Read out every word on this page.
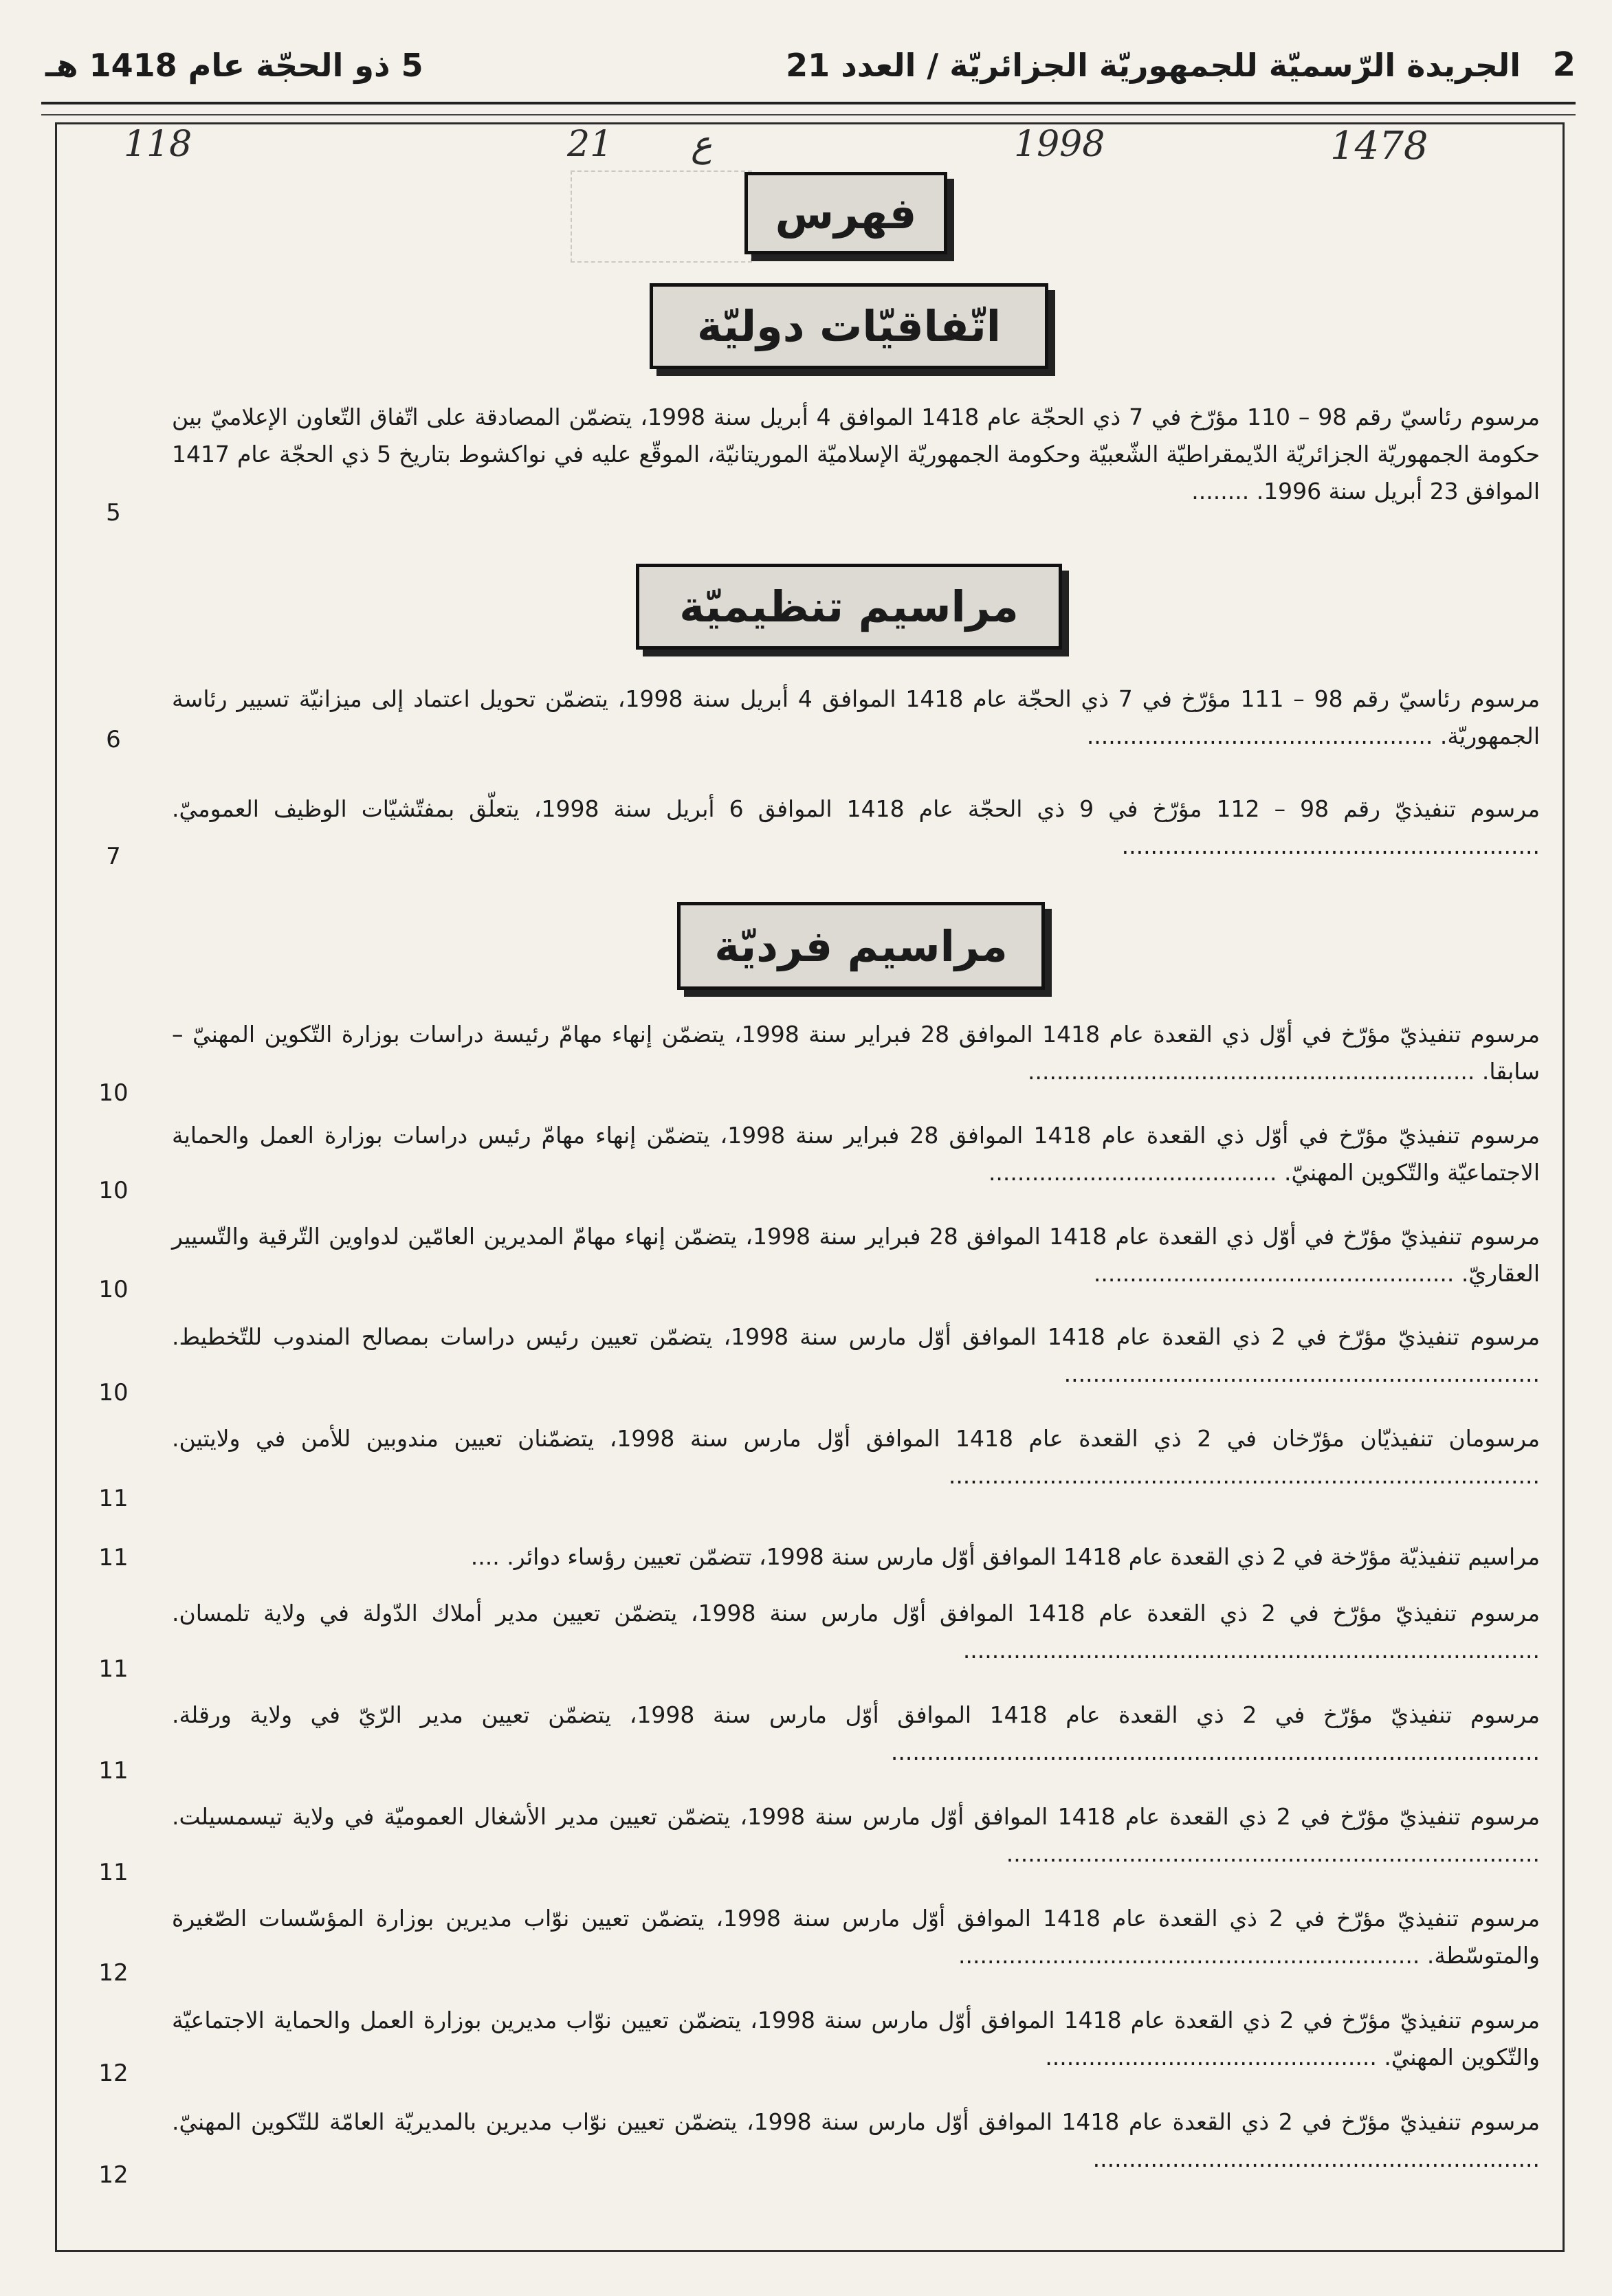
2
الجريدة الرّسميّة للجمهوريّة الجزائريّة / العدد 21
5 ذو الحجّة عام 1418 هـ
1478
1998
ع
21
118
فهرس
اتّفاقيّات دوليّة
مرسوم رئاسيّ رقم 98 – 110 مؤرّخ في 7 ذي الحجّة عام 1418 الموافق 4 أبريل سنة 1998، يتضمّن المصادقة على اتّفاق التّعاون الإعلاميّ بين حكومة الجمهوريّة الجزائريّة الدّيمقراطيّة الشّعبيّة وحكومة الجمهوريّة الإسلاميّة الموريتانيّة، الموقّع عليه في نواكشوط بتاريخ 5 ذي الحجّة عام 1417 الموافق 23 أبريل سنة 1996. ........
5
مراسيم تنظيميّة
مرسوم رئاسيّ رقم 98 – 111 مؤرّخ في 7 ذي الحجّة عام 1418 الموافق 4 أبريل سنة 1998، يتضمّن تحويل اعتماد إلى ميزانيّة تسيير رئاسة الجمهوريّة. ................................................
6
مرسوم تنفيذيّ رقم 98 – 112 مؤرّخ في 9 ذي الحجّة عام 1418 الموافق 6 أبريل سنة 1998، يتعلّق بمفتّشيّات الوظيف العموميّ. ..........................................................
7
مراسيم فرديّة
مرسوم تنفيذيّ مؤرّخ في أوّل ذي القعدة عام 1418 الموافق 28 فبراير سنة 1998، يتضمّن إنهاء مهامّ رئيسة دراسات بوزارة التّكوين المهنيّ – سابقا. ..............................................................
10
مرسوم تنفيذيّ مؤرّخ في أوّل ذي القعدة عام 1418 الموافق 28 فبراير سنة 1998، يتضمّن إنهاء مهامّ رئيس دراسات بوزارة العمل والحماية الاجتماعيّة والتّكوين المهنيّ. ........................................
10
مرسوم تنفيذيّ مؤرّخ في أوّل ذي القعدة عام 1418 الموافق 28 فبراير سنة 1998، يتضمّن إنهاء مهامّ المديرين العامّين لدواوين التّرقية والتّسيير العقاريّ. ..................................................
10
مرسوم تنفيذيّ مؤرّخ في 2 ذي القعدة عام 1418 الموافق أوّل مارس سنة 1998، يتضمّن تعيين رئيس دراسات بمصالح المندوب للتّخطيط. ..................................................................
10
مرسومان تنفيذيّان مؤرّخان في 2 ذي القعدة عام 1418 الموافق أوّل مارس سنة 1998، يتضمّنان تعيين مندوبين للأمن في ولايتين. ..................................................................................
11
مراسيم تنفيذيّة مؤرّخة في 2 ذي القعدة عام 1418 الموافق أوّل مارس سنة 1998، تتضمّن تعيين رؤساء دوائر. ....
11
مرسوم تنفيذيّ مؤرّخ في 2 ذي القعدة عام 1418 الموافق أوّل مارس سنة 1998، يتضمّن تعيين مدير أملاك الدّولة في ولاية تلمسان. ................................................................................
11
مرسوم تنفيذيّ مؤرّخ في 2 ذي القعدة عام 1418 الموافق أوّل مارس سنة 1998، يتضمّن تعيين مدير الرّيّ في ولاية ورقلة. ..........................................................................................
11
مرسوم تنفيذيّ مؤرّخ في 2 ذي القعدة عام 1418 الموافق أوّل مارس سنة 1998، يتضمّن تعيين مدير الأشغال العموميّة في ولاية تيسمسيلت. ..........................................................................
11
مرسوم تنفيذيّ مؤرّخ في 2 ذي القعدة عام 1418 الموافق أوّل مارس سنة 1998، يتضمّن تعيين نوّاب مديرين بوزارة المؤسّسات الصّغيرة والمتوسّطة. ................................................................
12
مرسوم تنفيذيّ مؤرّخ في 2 ذي القعدة عام 1418 الموافق أوّل مارس سنة 1998، يتضمّن تعيين نوّاب مديرين بوزارة العمل والحماية الاجتماعيّة والتّكوين المهنيّ. ..............................................
12
مرسوم تنفيذيّ مؤرّخ في 2 ذي القعدة عام 1418 الموافق أوّل مارس سنة 1998، يتضمّن تعيين نوّاب مديرين بالمديريّة العامّة للتّكوين المهنيّ. ..............................................................
12
